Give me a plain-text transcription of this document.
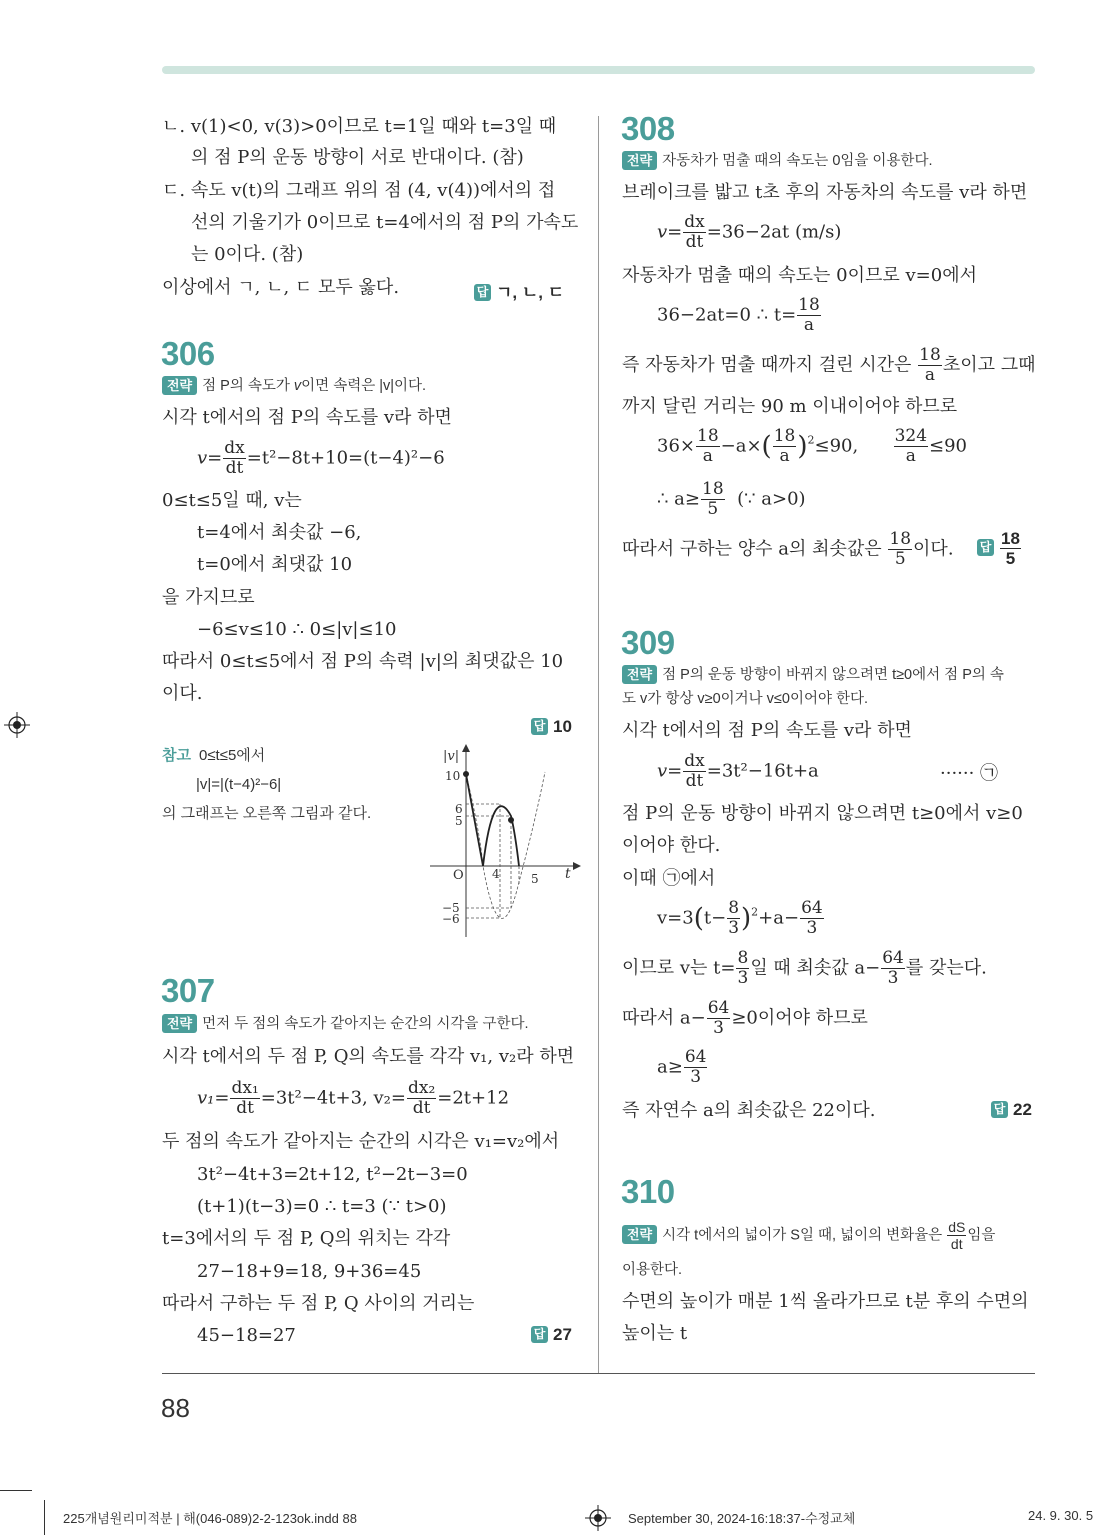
ㄴ. v(1)<0, v(3)>0이므로 t=1일 때와 t=3일 때
의 점 P의 운동 방향이 서로 반대이다. (참)
ㄷ. 속도 v(t)의 그래프 위의 점 (4, v(4))에서의 접
선의 기울기가 0이므로 t=4에서의 점 P의 가속도
는 0이다. (참)
이상에서 ㄱ, ㄴ, ㄷ 모두 옳다.	답 ㄱ, ㄴ, ㄷ
306
전략 점 P의 속도가 v이면 속력은 |v|이다.
시각 t에서의 점 P의 속도를 v라 하면
$v= \frac{dx}{dt} =t^2-8t+10=(t-4)^2-6$
0≤t≤5일 때, v는
t=4에서 최솟값 −6,
t=0에서 최댓값 10
을 가지므로
−6≤v≤10 ∴ 0≤|v|≤10
따라서 0≤t≤5에서 점 P의 속력 |v|의 최댓값은 10
이다.
답 10
참고 0≤t≤5에서
|v|=|(t−4)²−6|
의 그래프는 오른쪽 그림과 같다.
|v|
t
O
10
6
5
−5
−6
4	5
307
전략 먼저 두 점의 속도가 같아지는 순간의 시각을 구한다.
시각 t에서의 두 점 P, Q의 속도를 각각 v₁, v₂라 하면
$v_1= \frac{\text{dx₁}}{dt} =3t^2-4t+3$, $v_2= \frac{\text{dx₂}}{dt} =2t+12$
두 점의 속도가 같아지는 순간의 시각은 v₁=v₂에서
3t²−4t+3=2t+12, t²−2t−3=0
(t+1)(t−3)=0 ∴ t=3 (∵ t>0)
t=3에서의 두 점 P, Q의 위치는 각각
27−18+9=18, 9+36=45
따라서 구하는 두 점 P, Q 사이의 거리는
45−18=27	답 27
308
전략 자동차가 멈출 때의 속도는 0임을 이용한다.
브레이크를 밟고 t초 후의 자동차의 속도를 v라 하면
$v= \frac{dx}{dt} =36-2at$ (m/s)
자동차가 멈출 때의 속도는 0이므로 v=0에서
36−2at=0 ∴ $t= \frac{18}{a}$
즉 자동차가 멈출 때까지 걸린 시간은 $\frac{18}{a}$ 초이고 그때
까지 달린 거리는 90 m 이내이어야 하므로
$36\times \frac{18}{a} -a\times( \frac{18}{a} )^2\le 90$, $\frac{324}{a} \le 90$
∴ $a\ge \frac{18}{5}$ (∵ a>0)
따라서 구하는 양수 a의 최솟값은 $\frac{18}{5}$ 이다. 답 $\frac{18}{5}$
309
전략 점 P의 운동 방향이 바뀌지 않으려면 t≥0에서 점 P의 속
도 v가 항상 v≥0이거나 v≤0이어야 한다.
시각 t에서의 점 P의 속도를 v라 하면
$v= \frac{dx}{dt} =3t^2-16t+a$	······ ㉠
점 P의 운동 방향이 바뀌지 않으려면 t≥0에서 v≥0
이어야 한다.
이때 ㉠에서
$v=3(t- \frac{8}{3} )^2+a- \frac{64}{3}$
이므로 v는 $t= \frac{8}{3}$ 일 때 최솟값 $a- \frac{64}{3}$ 를 갖는다.
따라서 $a- \frac{64}{3} \ge 0$이어야 하므로
$a\ge \frac{64}{3}$
즉 자연수 a의 최솟값은 22이다.	답 22
310
전략 시각 t에서의 넓이가 S일 때, 넓이의 변화율은 $\frac{dS}{dt}$ 임을
이용한다.
수면의 높이가 매분 1씩 올라가므로 t분 후의 수면의
높이는 t
88
225개념원리미적분 | 해(046-089)2-2-123ok.indd 88	September 30, 2024-16:18:37-수정교체	24. 9. 30. 5
